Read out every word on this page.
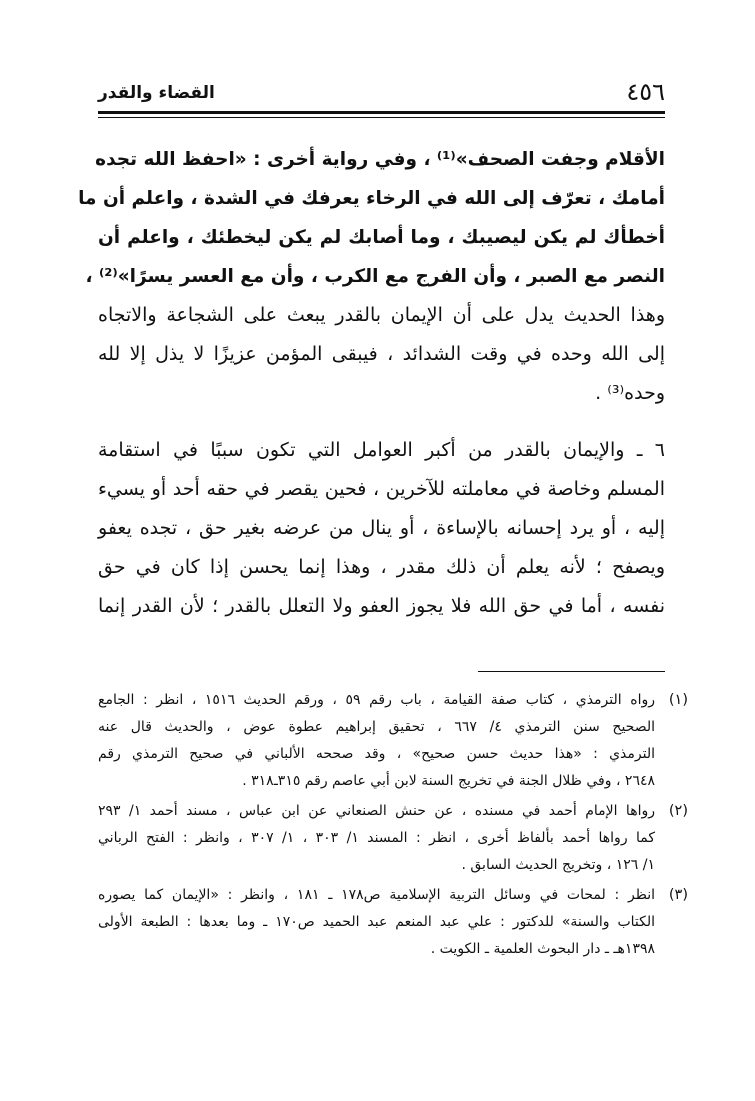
٤٥٦
القضاء والقدر
الأقلام وجفت الصحف»⁽¹⁾ ، وفي رواية أخرى : «احفظ الله تجده
أمامك ، تعرّف إلى الله في الرخاء يعرفك في الشدة ، واعلم أن ما
أخطأك لم يكن ليصيبك ، وما أصابك لم يكن ليخطئك ، واعلم أن
النصر مع الصبر ، وأن الفرج مع الكرب ، وأن مع العسر يسرًا»⁽²⁾ ،
وهذا الحديث يدل على أن الإيمان بالقدر يبعث على الشجاعة والاتجاه
إلى الله وحده في وقت الشدائد ، فيبقى المؤمن عزيزًا لا يذل إلا لله
وحده⁽³⁾ .
٦ ـ والإيمان بالقدر من أكبر العوامل التي تكون سببًا في استقامة
المسلم وخاصة في معاملته للآخرين ، فحين يقصر في حقه أحد أو يسيء
إليه ، أو يرد إحسانه بالإساءة ، أو ينال من عرضه بغير حق ، تجده يعفو
ويصفح ؛ لأنه يعلم أن ذلك مقدر ، وهذا إنما يحسن إذا كان في حق
نفسه ، أما في حق الله فلا يجوز العفو ولا التعلل بالقدر ؛ لأن القدر إنما
(١)
رواه الترمذي ، كتاب صفة القيامة ، باب رقم ٥٩ ، ورقم الحديث ١٥١٦ ، انظر : الجامع
الصحيح سنن الترمذي ٤/ ٦٦٧ ، تحقيق إبراهيم عطوة عوض ، والحديث قال عنه
الترمذي : «هذا حديث حسن صحيح» ، وقد صححه الألباني في صحيح الترمذي رقم
٢٦٤٨ ، وفي ظلال الجنة في تخريج السنة لابن أبي عاصم رقم ٣١٥ـ٣١٨ .
(٢)
رواها الإمام أحمد في مسنده ، عن حنش الصنعاني عن ابن عباس ، مسند أحمد ١/ ٢٩٣
كما رواها أحمد بألفاظ أخرى ، انظر : المسند ١/ ٣٠٣ ، ١/ ٣٠٧ ، وانظر : الفتح الرباني
١/ ١٢٦ ، وتخريج الحديث السابق .
(٣)
انظر : لمحات في وسائل التربية الإسلامية ص١٧٨ ـ ١٨١ ، وانظر : «الإيمان كما يصوره
الكتاب والسنة» للدكتور : علي عبد المنعم عبد الحميد ص١٧٠ ـ وما بعدها : الطبعة الأولى
١٣٩٨هـ ـ دار البحوث العلمية ـ الكويت .
